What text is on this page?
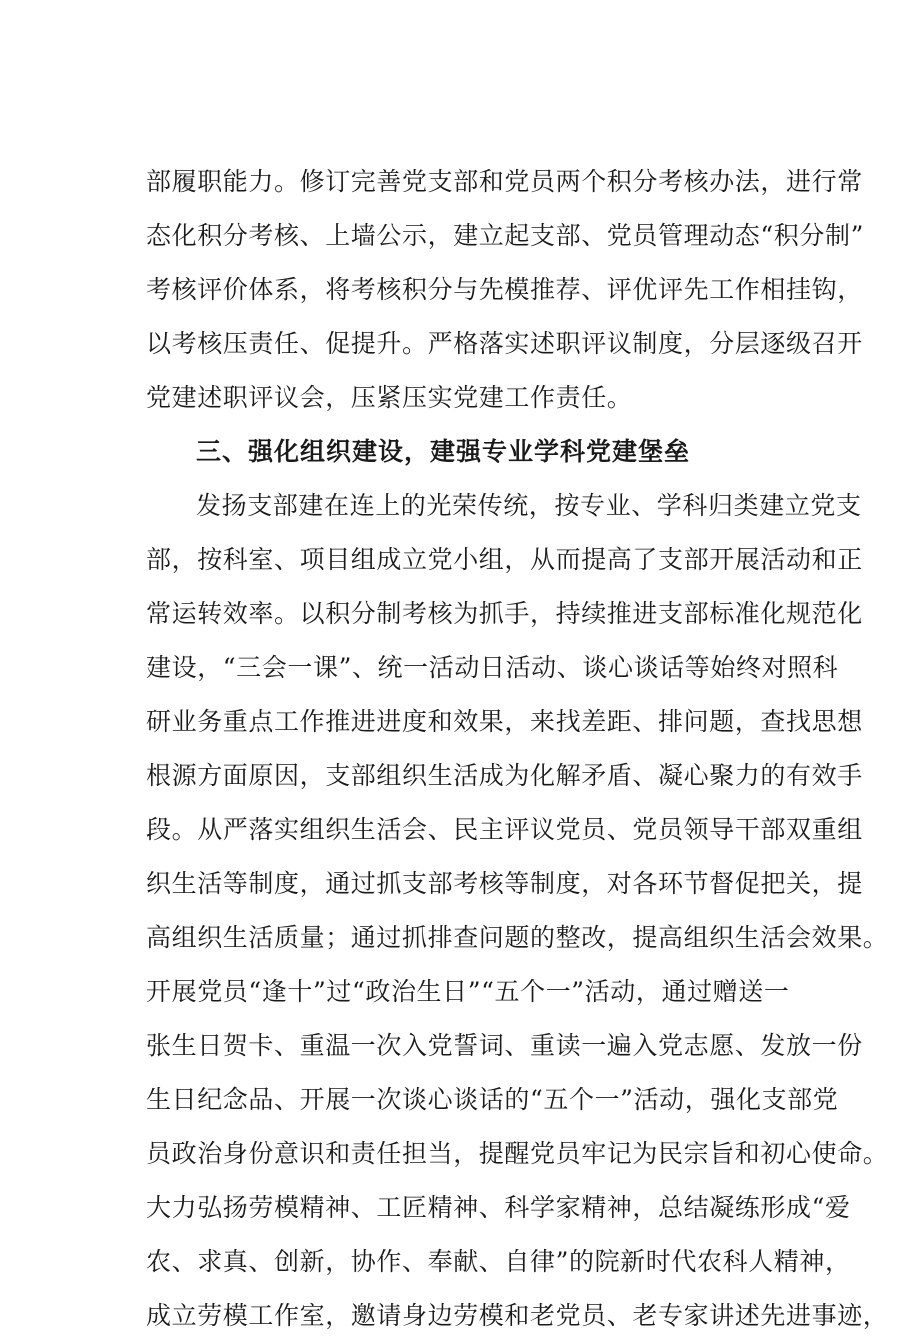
部履职能力。修订完善党支部和党员两个积分考核办法，进行常
态化积分考核、上墙公示，建立起支部、党员管理动态“积分制”
考核评价体系，将考核积分与先模推荐、评优评先工作相挂钩，
以考核压责任、促提升。严格落实述职评议制度，分层逐级召开
党建述职评议会，压紧压实党建工作责任。
三、强化组织建设，建强专业学科党建堡垒
发扬支部建在连上的光荣传统，按专业、学科归类建立党支
部，按科室、项目组成立党小组，从而提高了支部开展活动和正
常运转效率。以积分制考核为抓手，持续推进支部标准化规范化
建设，“三会一课”、统一活动日活动、谈心谈话等始终对照科
研业务重点工作推进进度和效果，来找差距、排问题，查找思想
根源方面原因，支部组织生活成为化解矛盾、凝心聚力的有效手
段。从严落实组织生活会、民主评议党员、党员领导干部双重组
织生活等制度，通过抓支部考核等制度，对各环节督促把关，提
高组织生活质量；通过抓排查问题的整改，提高组织生活会效果。
开展党员“逢十”过“政治生日”“五个一”活动，通过赠送一
张生日贺卡、重温一次入党誓词、重读一遍入党志愿、发放一份
生日纪念品、开展一次谈心谈话的“五个一”活动，强化支部党
员政治身份意识和责任担当，提醒党员牢记为民宗旨和初心使命。
大力弘扬劳模精神、工匠精神、科学家精神，总结凝练形成“爱
农、求真、创新，协作、奉献、自律”的院新时代农科人精神，
成立劳模工作室，邀请身边劳模和老党员、老专家讲述先进事迹，
